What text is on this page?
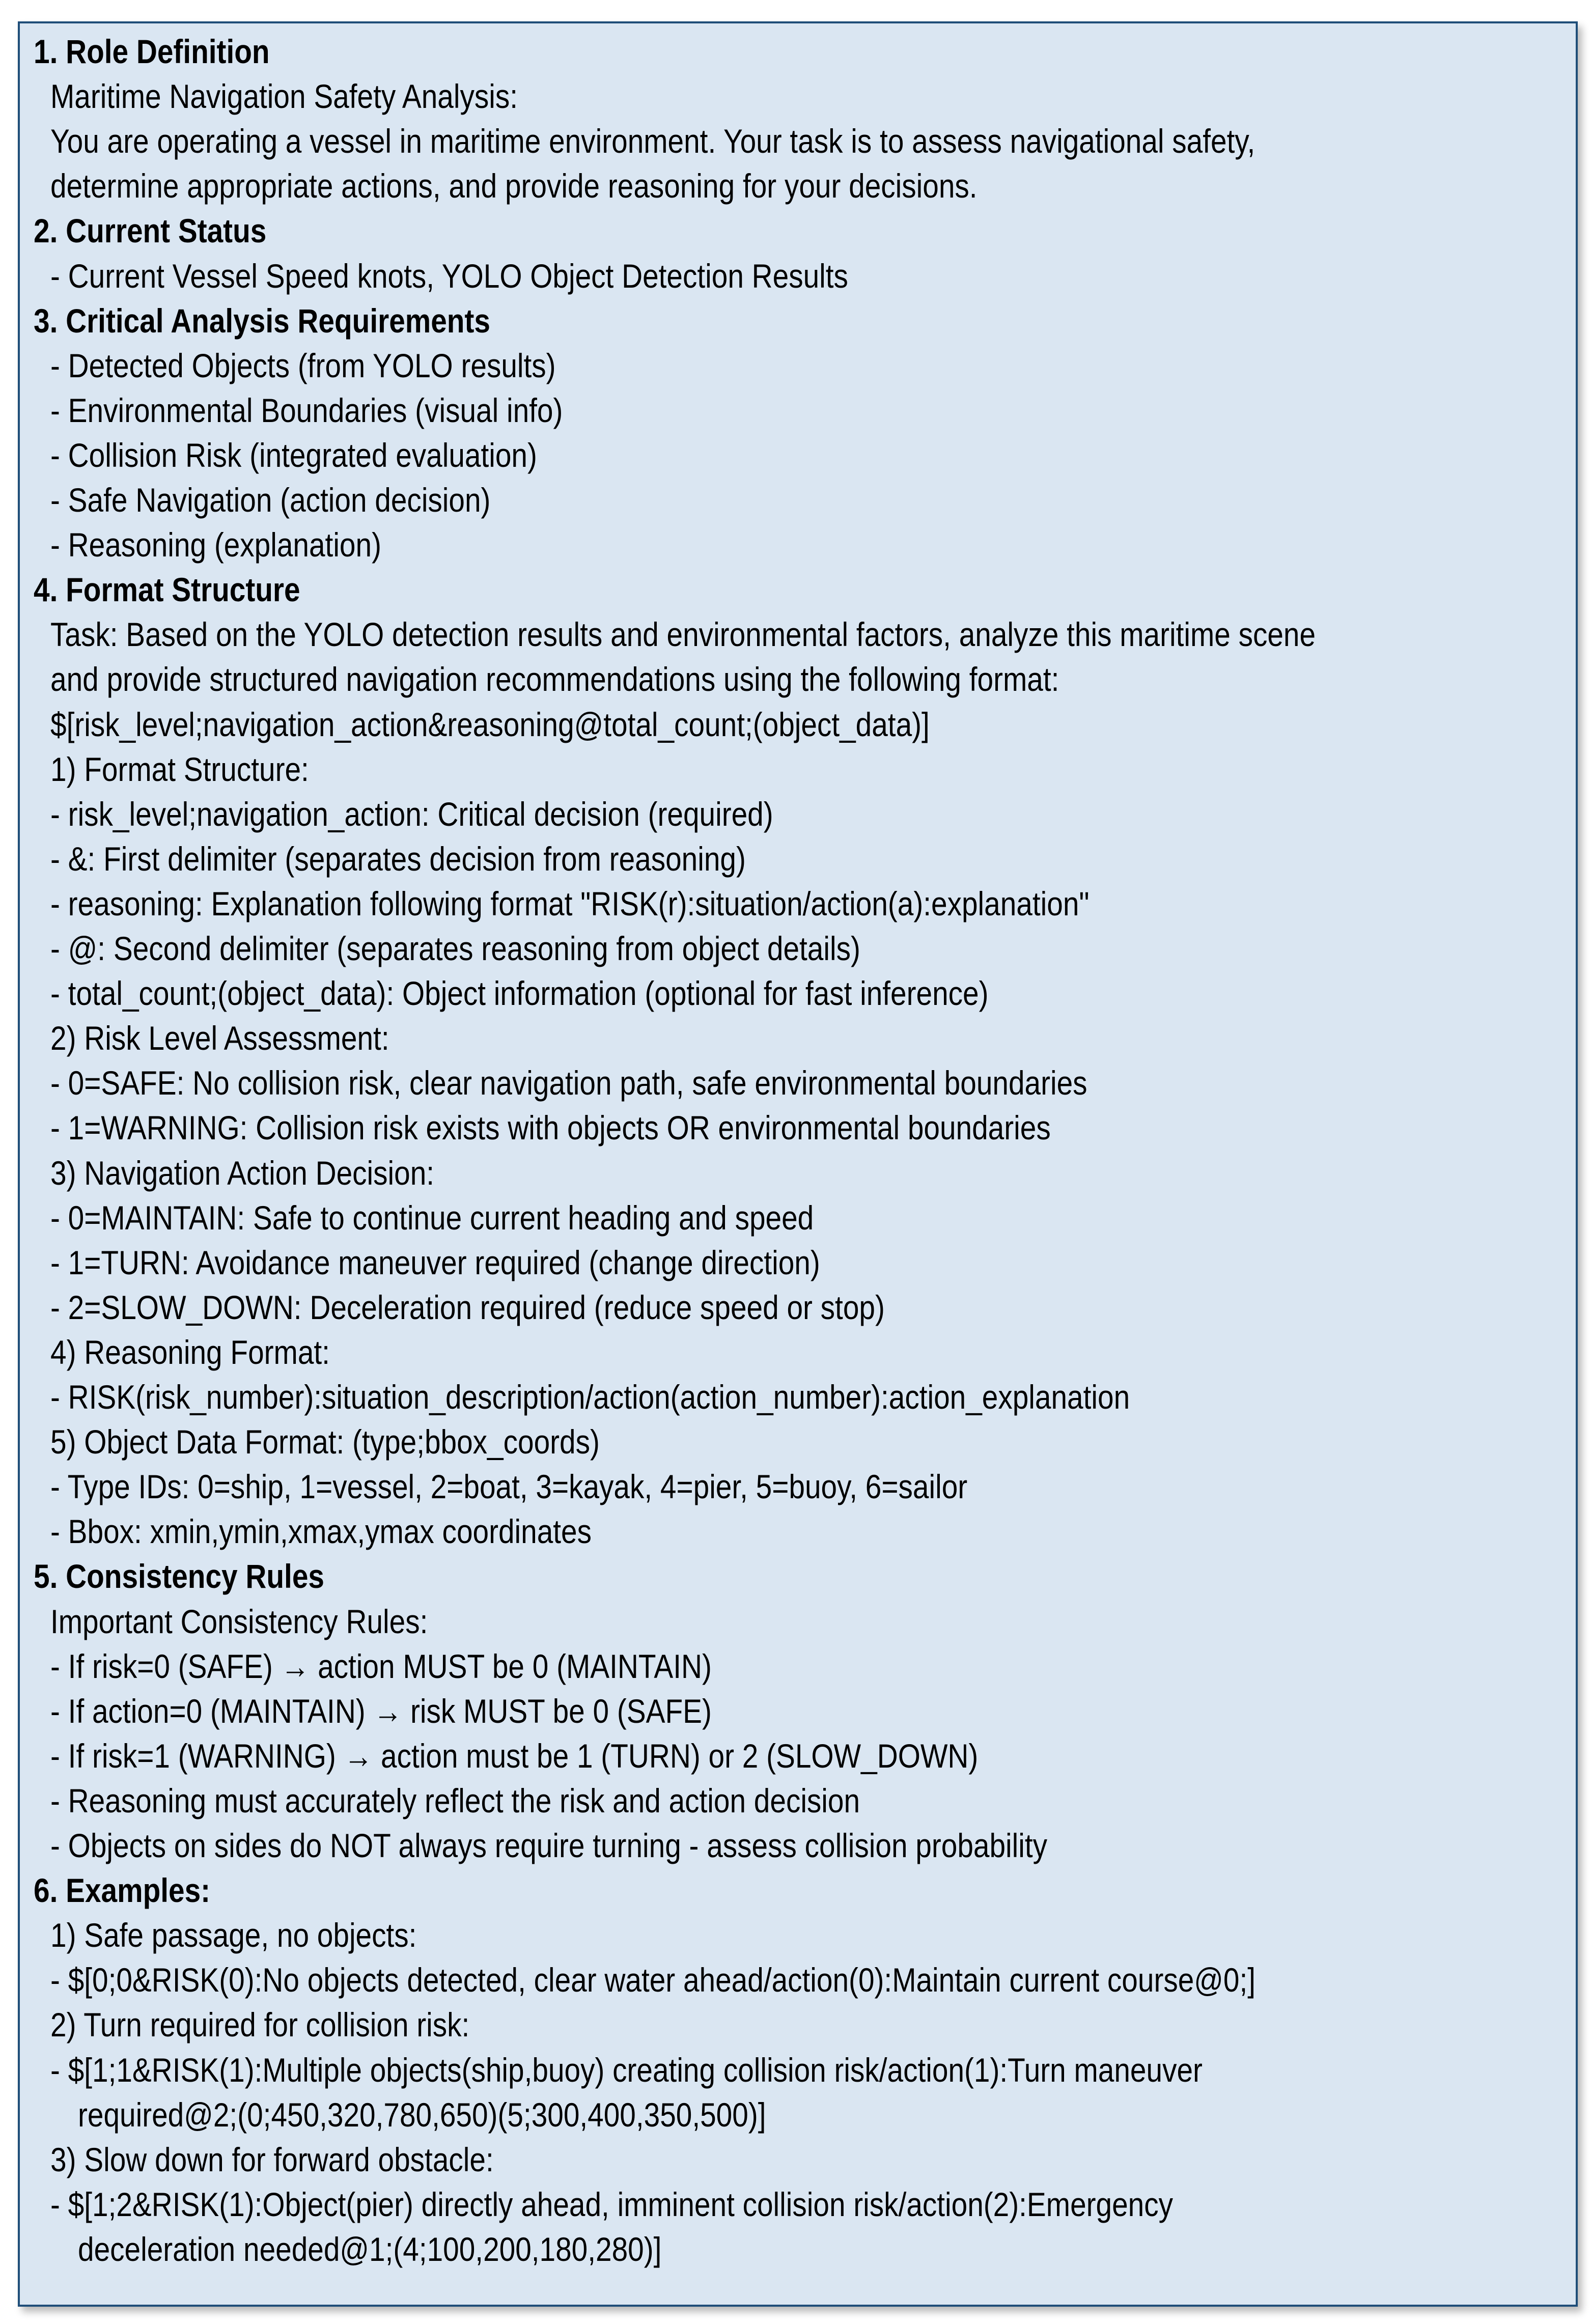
1. Role Definition
Maritime Navigation Safety Analysis:
You are operating a vessel in maritime environment. Your task is to assess navigational safety,
determine appropriate actions, and provide reasoning for your decisions.
2. Current Status
- Current Vessel Speed knots, YOLO Object Detection Results
3. Critical Analysis Requirements
- Detected Objects (from YOLO results)
- Environmental Boundaries (visual info)
- Collision Risk (integrated evaluation)
- Safe Navigation (action decision)
- Reasoning (explanation)
4. Format Structure
Task: Based on the YOLO detection results and environmental factors, analyze this maritime scene
and provide structured navigation recommendations using the following format:
$[risk_level;navigation_action&reasoning@total_count;(object_data)]
1) Format Structure:
- risk_level;navigation_action: Critical decision (required)
- &: First delimiter (separates decision from reasoning)
- reasoning: Explanation following format "RISK(r):situation/action(a):explanation"
- @: Second delimiter (separates reasoning from object details)
- total_count;(object_data): Object information (optional for fast inference)
2) Risk Level Assessment:
- 0=SAFE: No collision risk, clear navigation path, safe environmental boundaries
- 1=WARNING: Collision risk exists with objects OR environmental boundaries
3) Navigation Action Decision:
- 0=MAINTAIN: Safe to continue current heading and speed
- 1=TURN: Avoidance maneuver required (change direction)
- 2=SLOW_DOWN: Deceleration required (reduce speed or stop)
4) Reasoning Format:
- RISK(risk_number):situation_description/action(action_number):action_explanation
5) Object Data Format: (type;bbox_coords)
- Type IDs: 0=ship, 1=vessel, 2=boat, 3=kayak, 4=pier, 5=buoy, 6=sailor
- Bbox: xmin,ymin,xmax,ymax coordinates
5. Consistency Rules
Important Consistency Rules:
- If risk=0 (SAFE) → action MUST be 0 (MAINTAIN)
- If action=0 (MAINTAIN) → risk MUST be 0 (SAFE)
- If risk=1 (WARNING) → action must be 1 (TURN) or 2 (SLOW_DOWN)
- Reasoning must accurately reflect the risk and action decision
- Objects on sides do NOT always require turning - assess collision probability
6. Examples:
1) Safe passage, no objects:
- $[0;0&RISK(0):No objects detected, clear water ahead/action(0):Maintain current course@0;]
2) Turn required for collision risk:
- $[1;1&RISK(1):Multiple objects(ship,buoy) creating collision risk/action(1):Turn maneuver
required@2;(0;450,320,780,650)(5;300,400,350,500)]
3) Slow down for forward obstacle:
- $[1;2&RISK(1):Object(pier) directly ahead, imminent collision risk/action(2):Emergency
deceleration needed@1;(4;100,200,180,280)]
